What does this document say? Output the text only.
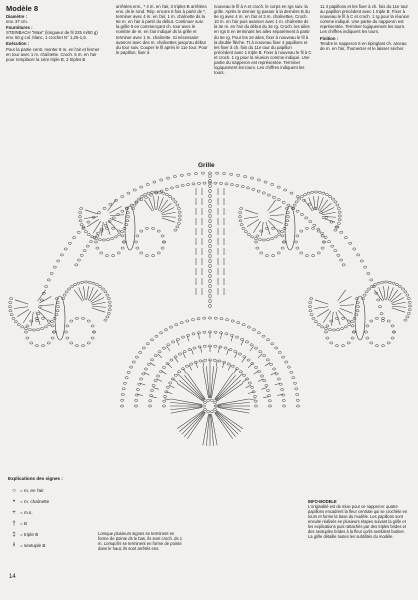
Modèle 8
Diamètre :

env. 37 cm.

Fournitures :

STEINBACH "Maxi" (longueur de fil 225 m/50 g) env. 50 g col. blanc, 1 crochet N° 1,25-1,5.

Exécution :

Pour la partie centr. monter 8 m. en l'air et fermer en tour avec 1 m. chaînette. Croch. 5 m. en l'air pour remplacer la 1ère triple B, 2 triples B

arrêtées ens., * 4 m. en l'air, 3 triples B arrêtées ens. ds le rond. Rép. encore 6 fois à partir de *, terminer avec 4 m. en l'air, 1 m. chaînette ds la 5e m. en l'air à partir du début. Continuer suiv. la grille tt en commençant ch. tour avec le nombre de m. en l'air indiqué ds la grille et terminer avec 1 m. chaînette. Si nécessaire avancer avec des m. chaînettes jusqu'au début du tour suiv. Couper le fil après le 11e tour. Pour le papillon, fixer à

nouveau le fil à A et croch. le corps en rgs suiv. la grille. Après le dernier rg passer à la dernière B du 6e rg avec 4 m. en l'air et 3 m. chaînettes. Croch. 10 m. en l'air puis avancer avec 1 m. chaînette ds la 3e m. en l'air du début du 3e rg. Croch. les ailes en rgs tt en terminant les ailes séparément à partir du 6e rg. Pour les 2e ailes, fixer à nouveau le fil à la double flèche. Tt à nouveau fixer 4 papillons et les fixer à ch. fois du 11e tour du papillon précédent avec 1 triple B. Fixer à nouveau le fil à C et croch. 1 rg pour la réunion comme indiqué. Une partie du napperon est représentée. Terminer logiquement les tours. Les chiffres indiquent les tours.

11 4 papillons et les fixer à ch. fois du 11e tour au papillon précédent avec 1 triple B. Fixer à nouveau le fil à C et croch. 1 rg pour la réunion comme indiqué. Une partie du napperon est représentée. Terminer logiquement les tours. Les chiffres indiquent les tours.

Finition :

Tendre le napperon tt en épinglant ch. arceau de m. en l'air, l'humecter et le laisser sécher.

Grille
Explications des signes :
○ = m. en l'air
•	= m. chaînette
+ = m.s.
† = B
‡ = triple B
⫲	= sextuple B
Lorsque plusieurs signes se terminent en forme de pointe ds le bas, ils sont croch. ds 1 m. Lorsqu'ils se terminent en forme de pointe dans le haut, ils sont arrêtés ens.
INFO-MODELE
L'originalité est de mise pour ce napperon: quatre papillons encadrent la fleur centrale qui se crochète en tours et forme la base du modèle. Les papillons sont ensuite réalisés en plusieurs étapes suivant la grille et les explications puis rattachés par des triples brides et des sextuples brides à la fleur qu'ils semblent butiner. La grille détaille toutes les subtilités du modèle.
14
